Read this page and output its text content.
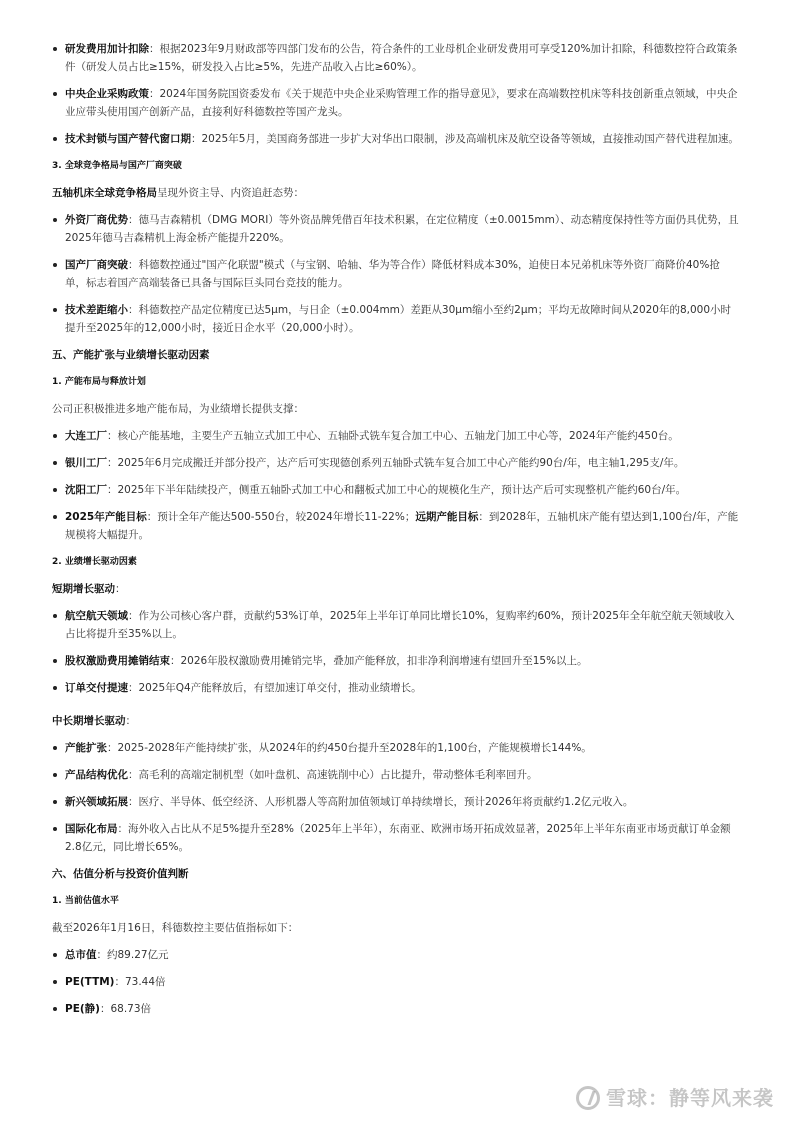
研发费用加计扣除：根据2023年9月财政部等四部门发布的公告，符合条件的工业母机企业研发费用可享受120%加计扣除，科德数控符合政策条件（研发人员占比≥15%，研发投入占比≥5%，先进产品收入占比≥60%）。
中央企业采购政策：2024年国务院国资委发布《关于规范中央企业采购管理工作的指导意见》，要求在高端数控机床等科技创新重点领域，中央企业应带头使用国产创新产品，直接利好科德数控等国产龙头。
技术封锁与国产替代窗口期：2025年5月，美国商务部进一步扩大对华出口限制，涉及高端机床及航空设备等领域，直接推动国产替代进程加速。
3. 全球竞争格局与国产厂商突破

五轴机床全球竞争格局呈现外资主导、内资追赶态势：

外资厂商优势：德马吉森精机（DMG MORI）等外资品牌凭借百年技术积累，在定位精度（±0.0015mm）、动态精度保持性等方面仍具优势，且2025年德马吉森精机上海金桥产能提升220%。
国产厂商突破：科德数控通过"国产化联盟"模式（与宝钢、哈轴、华为等合作）降低材料成本30%，迫使日本兄弟机床等外资厂商降价40%抢单，标志着国产高端装备已具备与国际巨头同台竞技的能力。
技术差距缩小：科德数控产品定位精度已达5μm，与日企（±0.004mm）差距从30μm缩小至约2μm；平均无故障时间从2020年的8,000小时提升至2025年的12,000小时，接近日企水平（20,000小时）。
五、产能扩张与业绩增长驱动因素
1. 产能布局与释放计划

公司正积极推进多地产能布局，为业绩增长提供支撑：

大连工厂：核心产能基地，主要生产五轴立式加工中心、五轴卧式铣车复合加工中心、五轴龙门加工中心等，2024年产能约450台。
银川工厂：2025年6月完成搬迁并部分投产，达产后可实现德创系列五轴卧式铣车复合加工中心产能约90台/年，电主轴1,295支/年。
沈阳工厂：2025年下半年陆续投产，侧重五轴卧式加工中心和翻板式加工中心的规模化生产，预计达产后可实现整机产能约60台/年。
2025年产能目标：预计全年产能达500-550台，较2024年增长11-22%；远期产能目标：到2028年，五轴机床产能有望达到1,100台/年，产能规模将大幅提升。
2. 业绩增长驱动因素

短期增长驱动：

航空航天领域：作为公司核心客户群，贡献约53%订单，2025年上半年订单同比增长10%，复购率约60%，预计2025年全年航空航天领域收入占比将提升至35%以上。
股权激励费用摊销结束：2026年股权激励费用摊销完毕，叠加产能释放，扣非净利润增速有望回升至15%以上。
订单交付提速：2025年Q4产能释放后，有望加速订单交付，推动业绩增长。

中长期增长驱动：

产能扩张：2025-2028年产能持续扩张，从2024年的约450台提升至2028年的1,100台，产能规模增长144%。
产品结构优化：高毛利的高端定制机型（如叶盘机、高速铣削中心）占比提升，带动整体毛利率回升。
新兴领域拓展：医疗、半导体、低空经济、人形机器人等高附加值领域订单持续增长，预计2026年将贡献约1.2亿元收入。
国际化布局：海外收入占比从不足5%提升至28%（2025年上半年），东南亚、欧洲市场开拓成效显著，2025年上半年东南亚市场贡献订单金额2.8亿元，同比增长65%。
六、估值分析与投资价值判断
1. 当前估值水平

截至2026年1月16日，科德数控主要估值指标如下：

总市值：约89.27亿元
PE(TTM)：73.44倍
PE(静)：68.73倍
雪球：静等风来袭
